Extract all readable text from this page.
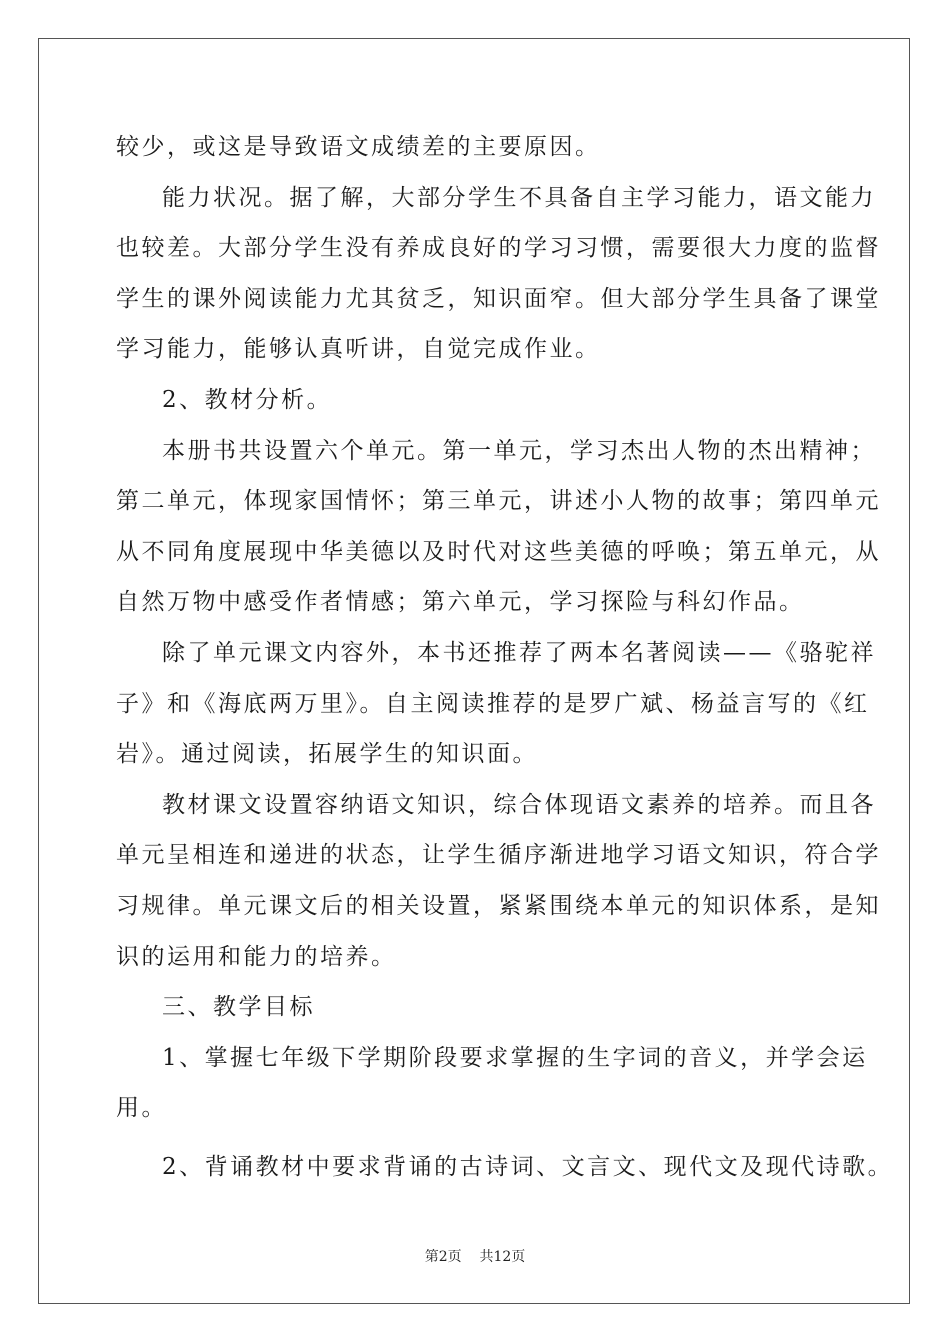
较少，或这是导致语文成绩差的主要原因。
能力状况。据了解，大部分学生不具备自主学习能力，语文能力
也较差。大部分学生没有养成良好的学习习惯，需要很大力度的监督
学生的课外阅读能力尤其贫乏，知识面窄。但大部分学生具备了课堂
学习能力，能够认真听讲，自觉完成作业。
2、教材分析。
本册书共设置六个单元。第一单元，学习杰出人物的杰出精神；
第二单元，体现家国情怀；第三单元，讲述小人物的故事；第四单元
从不同角度展现中华美德以及时代对这些美德的呼唤；第五单元，从
自然万物中感受作者情感；第六单元，学习探险与科幻作品。
除了单元课文内容外，本书还推荐了两本名著阅读——《骆驼祥
子》和《海底两万里》。自主阅读推荐的是罗广斌、杨益言写的《红
岩》。通过阅读，拓展学生的知识面。
教材课文设置容纳语文知识，综合体现语文素养的培养。而且各
单元呈相连和递进的状态，让学生循序渐进地学习语文知识，符合学
习规律。单元课文后的相关设置，紧紧围绕本单元的知识体系，是知
识的运用和能力的培养。
三、教学目标
1、掌握七年级下学期阶段要求掌握的生字词的音义，并学会运
用。
2、背诵教材中要求背诵的古诗词、文言文、现代文及现代诗歌。
第2页    共12页
